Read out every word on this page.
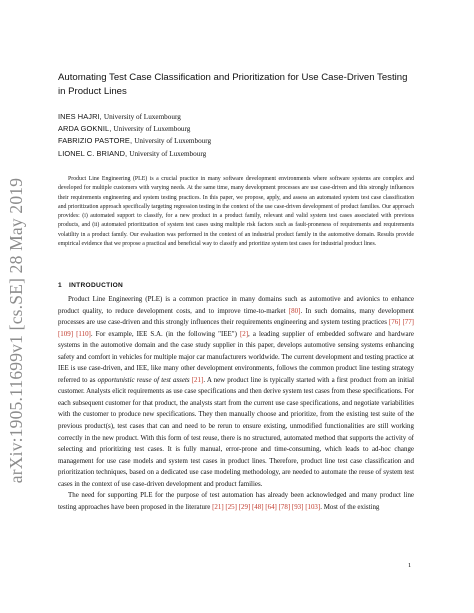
arXiv:1905.11699v1 [cs.SE] 28 May 2019
Automating Test Case Classification and Prioritization for Use Case-Driven Testing in Product Lines
INES HAJRI, University of Luxembourg
ARDA GOKNIL, University of Luxembourg
FABRIZIO PASTORE, University of Luxembourg
LIONEL C. BRIAND, University of Luxembourg

Product Line Engineering (PLE) is a crucial practice in many software development environments where software systems are complex and developed for multiple customers with varying needs. At the same time, many development processes are use case-driven and this strongly influences their requirements engineering and system testing practices. In this paper, we propose, apply, and assess an automated system test case classification and prioritization approach specifically targeting regression testing in the context of the use case-driven development of product families. Our approach provides: (i) automated support to classify, for a new product in a product family, relevant and valid system test cases associated with previous products, and (ii) automated prioritization of system test cases using multiple risk factors such as fault-proneness of requirements and requirements volatility in a product family. Our evaluation was performed in the context of an industrial product family in the automotive domain. Results provide empirical evidence that we propose a practical and beneficial way to classify and prioritize system test cases for industrial product lines.

1 INTRODUCTION

Product Line Engineering (PLE) is a common practice in many domains such as automotive and avionics to enhance product quality, to reduce development costs, and to improve time-to-market [80]. In such domains, many development processes are use case-driven and this strongly influences their requirements engineering and system testing practices [76] [77] [109] [110]. For example, IEE S.A. (in the following "IEE") [2], a leading supplier of embedded software and hardware systems in the automotive domain and the case study supplier in this paper, develops automotive sensing systems enhancing safety and comfort in vehicles for multiple major car manufacturers worldwide. The current development and testing practice at IEE is use case-driven, and IEE, like many other development environments, follows the common product line testing strategy referred to as opportunistic reuse of test assets [21]. A new product line is typically started with a first product from an initial customer. Analysts elicit requirements as use case specifications and then derive system test cases from these specifications. For each subsequent customer for that product, the analysts start from the current use case specifications, and negotiate variabilities with the customer to produce new specifications. They then manually choose and prioritize, from the existing test suite of the previous product(s), test cases that can and need to be rerun to ensure existing, unmodified functionalities are still working correctly in the new product. With this form of test reuse, there is no structured, automated method that supports the activity of selecting and prioritizing test cases. It is fully manual, error-prone and time-consuming, which leads to ad-hoc change management for use case models and system test cases in product lines. Therefore, product line test case classification and prioritization techniques, based on a dedicated use case modeling methodology, are needed to automate the reuse of system test cases in the context of use case-driven development and product families.

The need for supporting PLE for the purpose of test automation has already been acknowledged and many product line testing approaches have been proposed in the literature [21] [25] [29] [48] [64] [78] [93] [103]. Most of the existing

1
